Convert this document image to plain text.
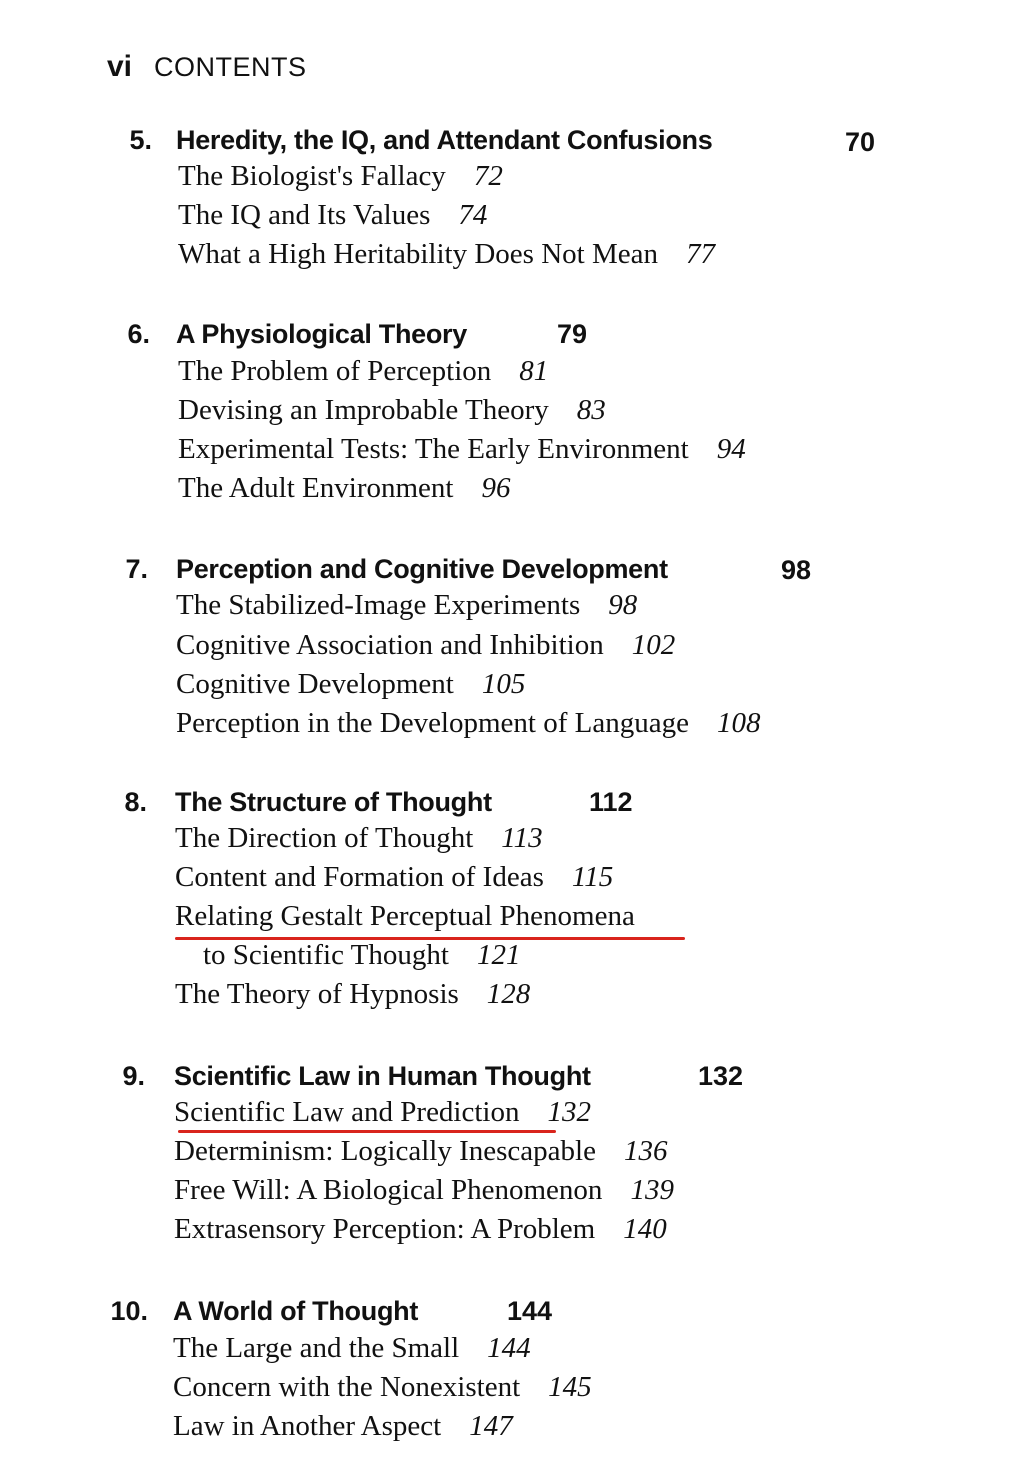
vi CONTENTS
5. Heredity, the IQ, and Attendant Confusions	70
The Biologist's Fallacy 72
The IQ and Its Values 74
What a High Heritability Does Not Mean 77
6. A Physiological Theory	79
The Problem of Perception 81
Devising an Improbable Theory 83
Experimental Tests: The Early Environment 94
The Adult Environment 96
7. Perception and Cognitive Development	98
The Stabilized-Image Experiments 98
Cognitive Association and Inhibition 102
Cognitive Development 105
Perception in the Development of Language 108
8. The Structure of Thought	112
The Direction of Thought 113
Content and Formation of Ideas 115
Relating Gestalt Perceptual Phenomena
to Scientific Thought 121
The Theory of Hypnosis 128
9. Scientific Law in Human Thought	132
Scientific Law and Prediction 132
Determinism: Logically Inescapable 136
Free Will: A Biological Phenomenon 139
Extrasensory Perception: A Problem 140
10. A World of Thought	144
The Large and the Small 144
Concern with the Nonexistent 145
Law in Another Aspect 147
